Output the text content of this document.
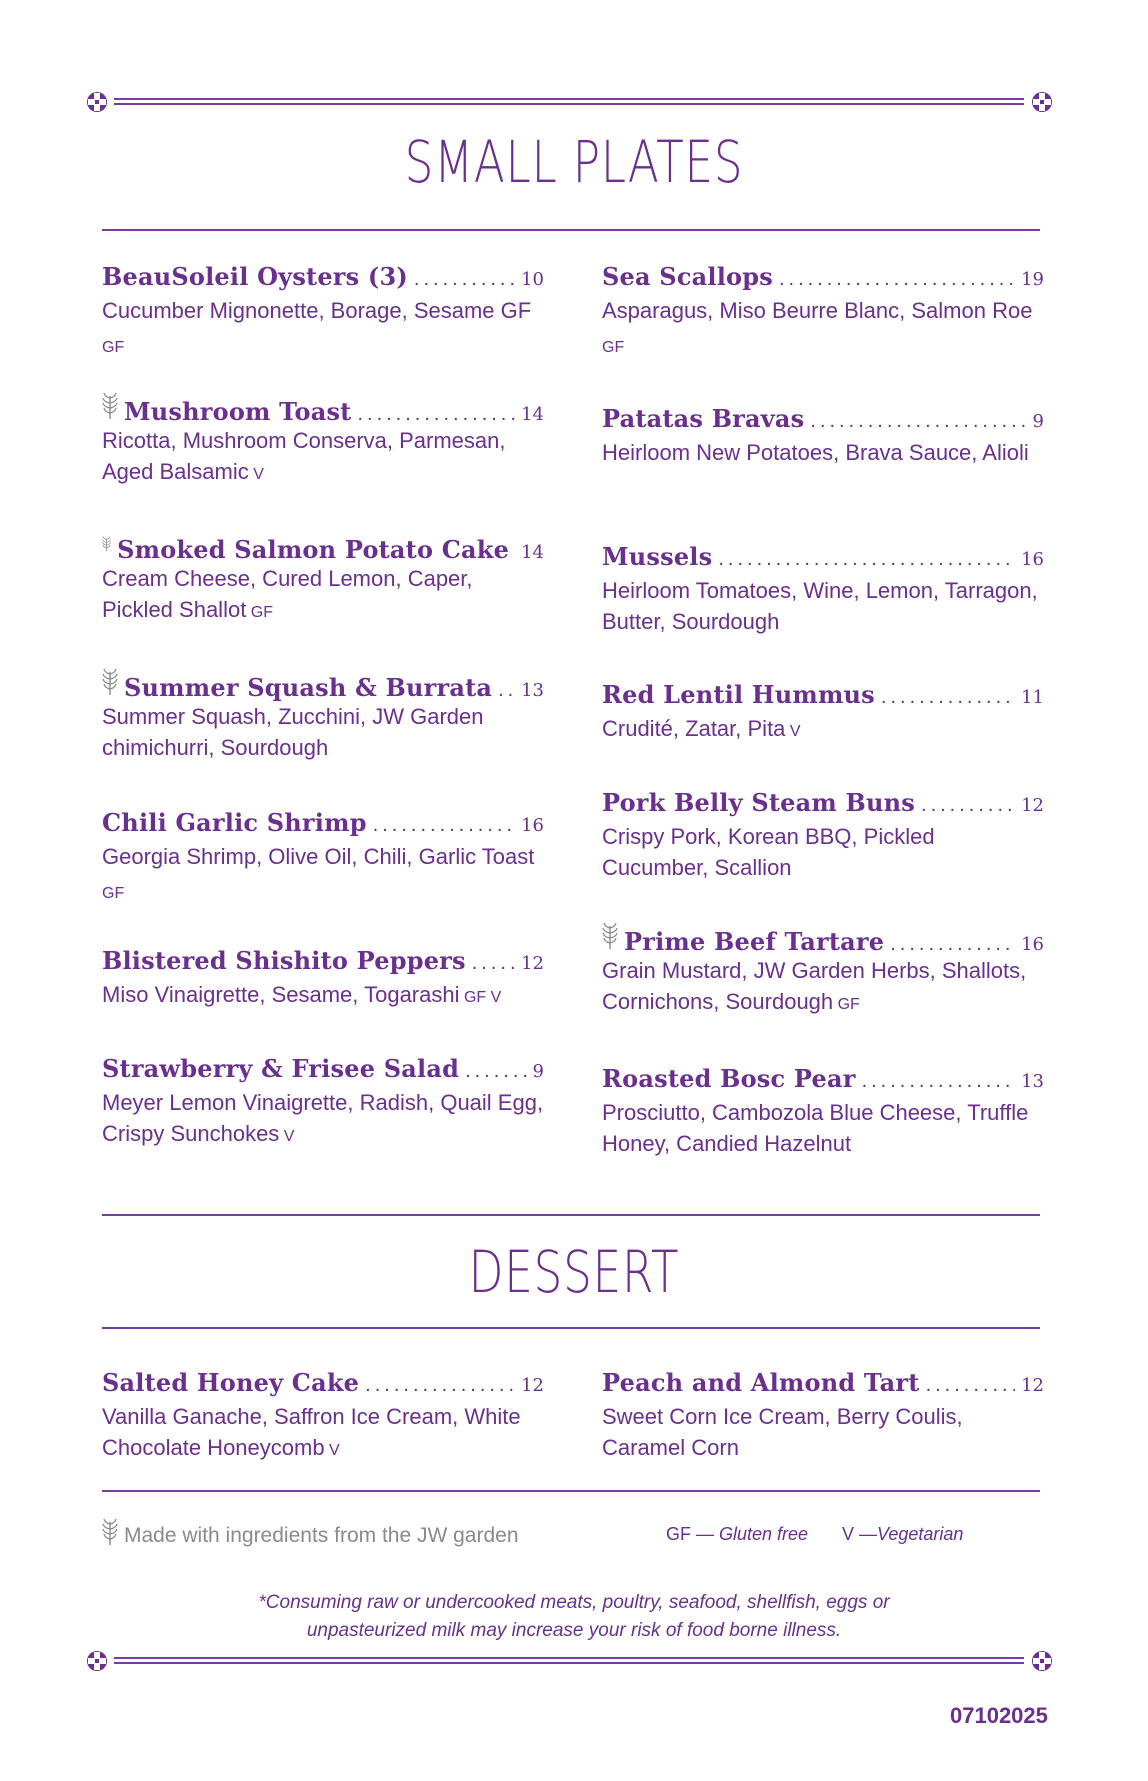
SMALL PLATES
BeauSoleil Oysters (3) .....	10
Cucumber Mignonette, Borage, Sesame GF GF
Mushroom Toast .....	14
Ricotta, Mushroom Conserva, Parmesan, Aged Balsamic V
Smoked Salmon Potato Cake 14
Cream Cheese, Cured Lemon, Caper, Pickled Shallot GF
Summer Squash & Burrata ..... 13
Summer Squash, Zucchini, JW Garden chimichurri, Sourdough
Chili Garlic Shrimp .....	16
Georgia Shrimp, Olive Oil, Chili, Garlic Toast GF
Blistered Shishito Peppers .....	12
Miso Vinaigrette, Sesame, Togarashi GF V
Strawberry & Frisee Salad .....	9
Meyer Lemon Vinaigrette, Radish, Quail Egg, Crispy Sunchokes V
Sea Scallops .....	19
Asparagus, Miso Beurre Blanc, Salmon Roe GF
Patatas Bravas .....	9
Heirloom New Potatoes, Brava Sauce, Alioli
Mussels .....	16
Heirloom Tomatoes, Wine, Lemon, Tarragon, Butter, Sourdough
Red Lentil Hummus .....	11
Crudité, Zatar, Pita V
Pork Belly Steam Buns .....	12
Crispy Pork, Korean BBQ, Pickled Cucumber, Scallion
Prime Beef Tartare .....	16
Grain Mustard, JW Garden Herbs, Shallots, Cornichons, Sourdough GF
Roasted Bosc Pear .....	13
Prosciutto, Cambozola Blue Cheese, Truffle Honey, Candied Hazelnut
DESSERT
Salted Honey Cake .....	12
Vanilla Ganache, Saffron Ice Cream, White Chocolate Honeycomb V
Peach and Almond Tart .....	12
Sweet Corn Ice Cream, Berry Coulis, Caramel Corn
Made with ingredients from the JW garden	GF — Gluten free V —Vegetarian
*Consuming raw or undercooked meats, poultry, seafood, shellfish, eggs or
unpasteurized milk may increase your risk of food borne illness.
07102025
